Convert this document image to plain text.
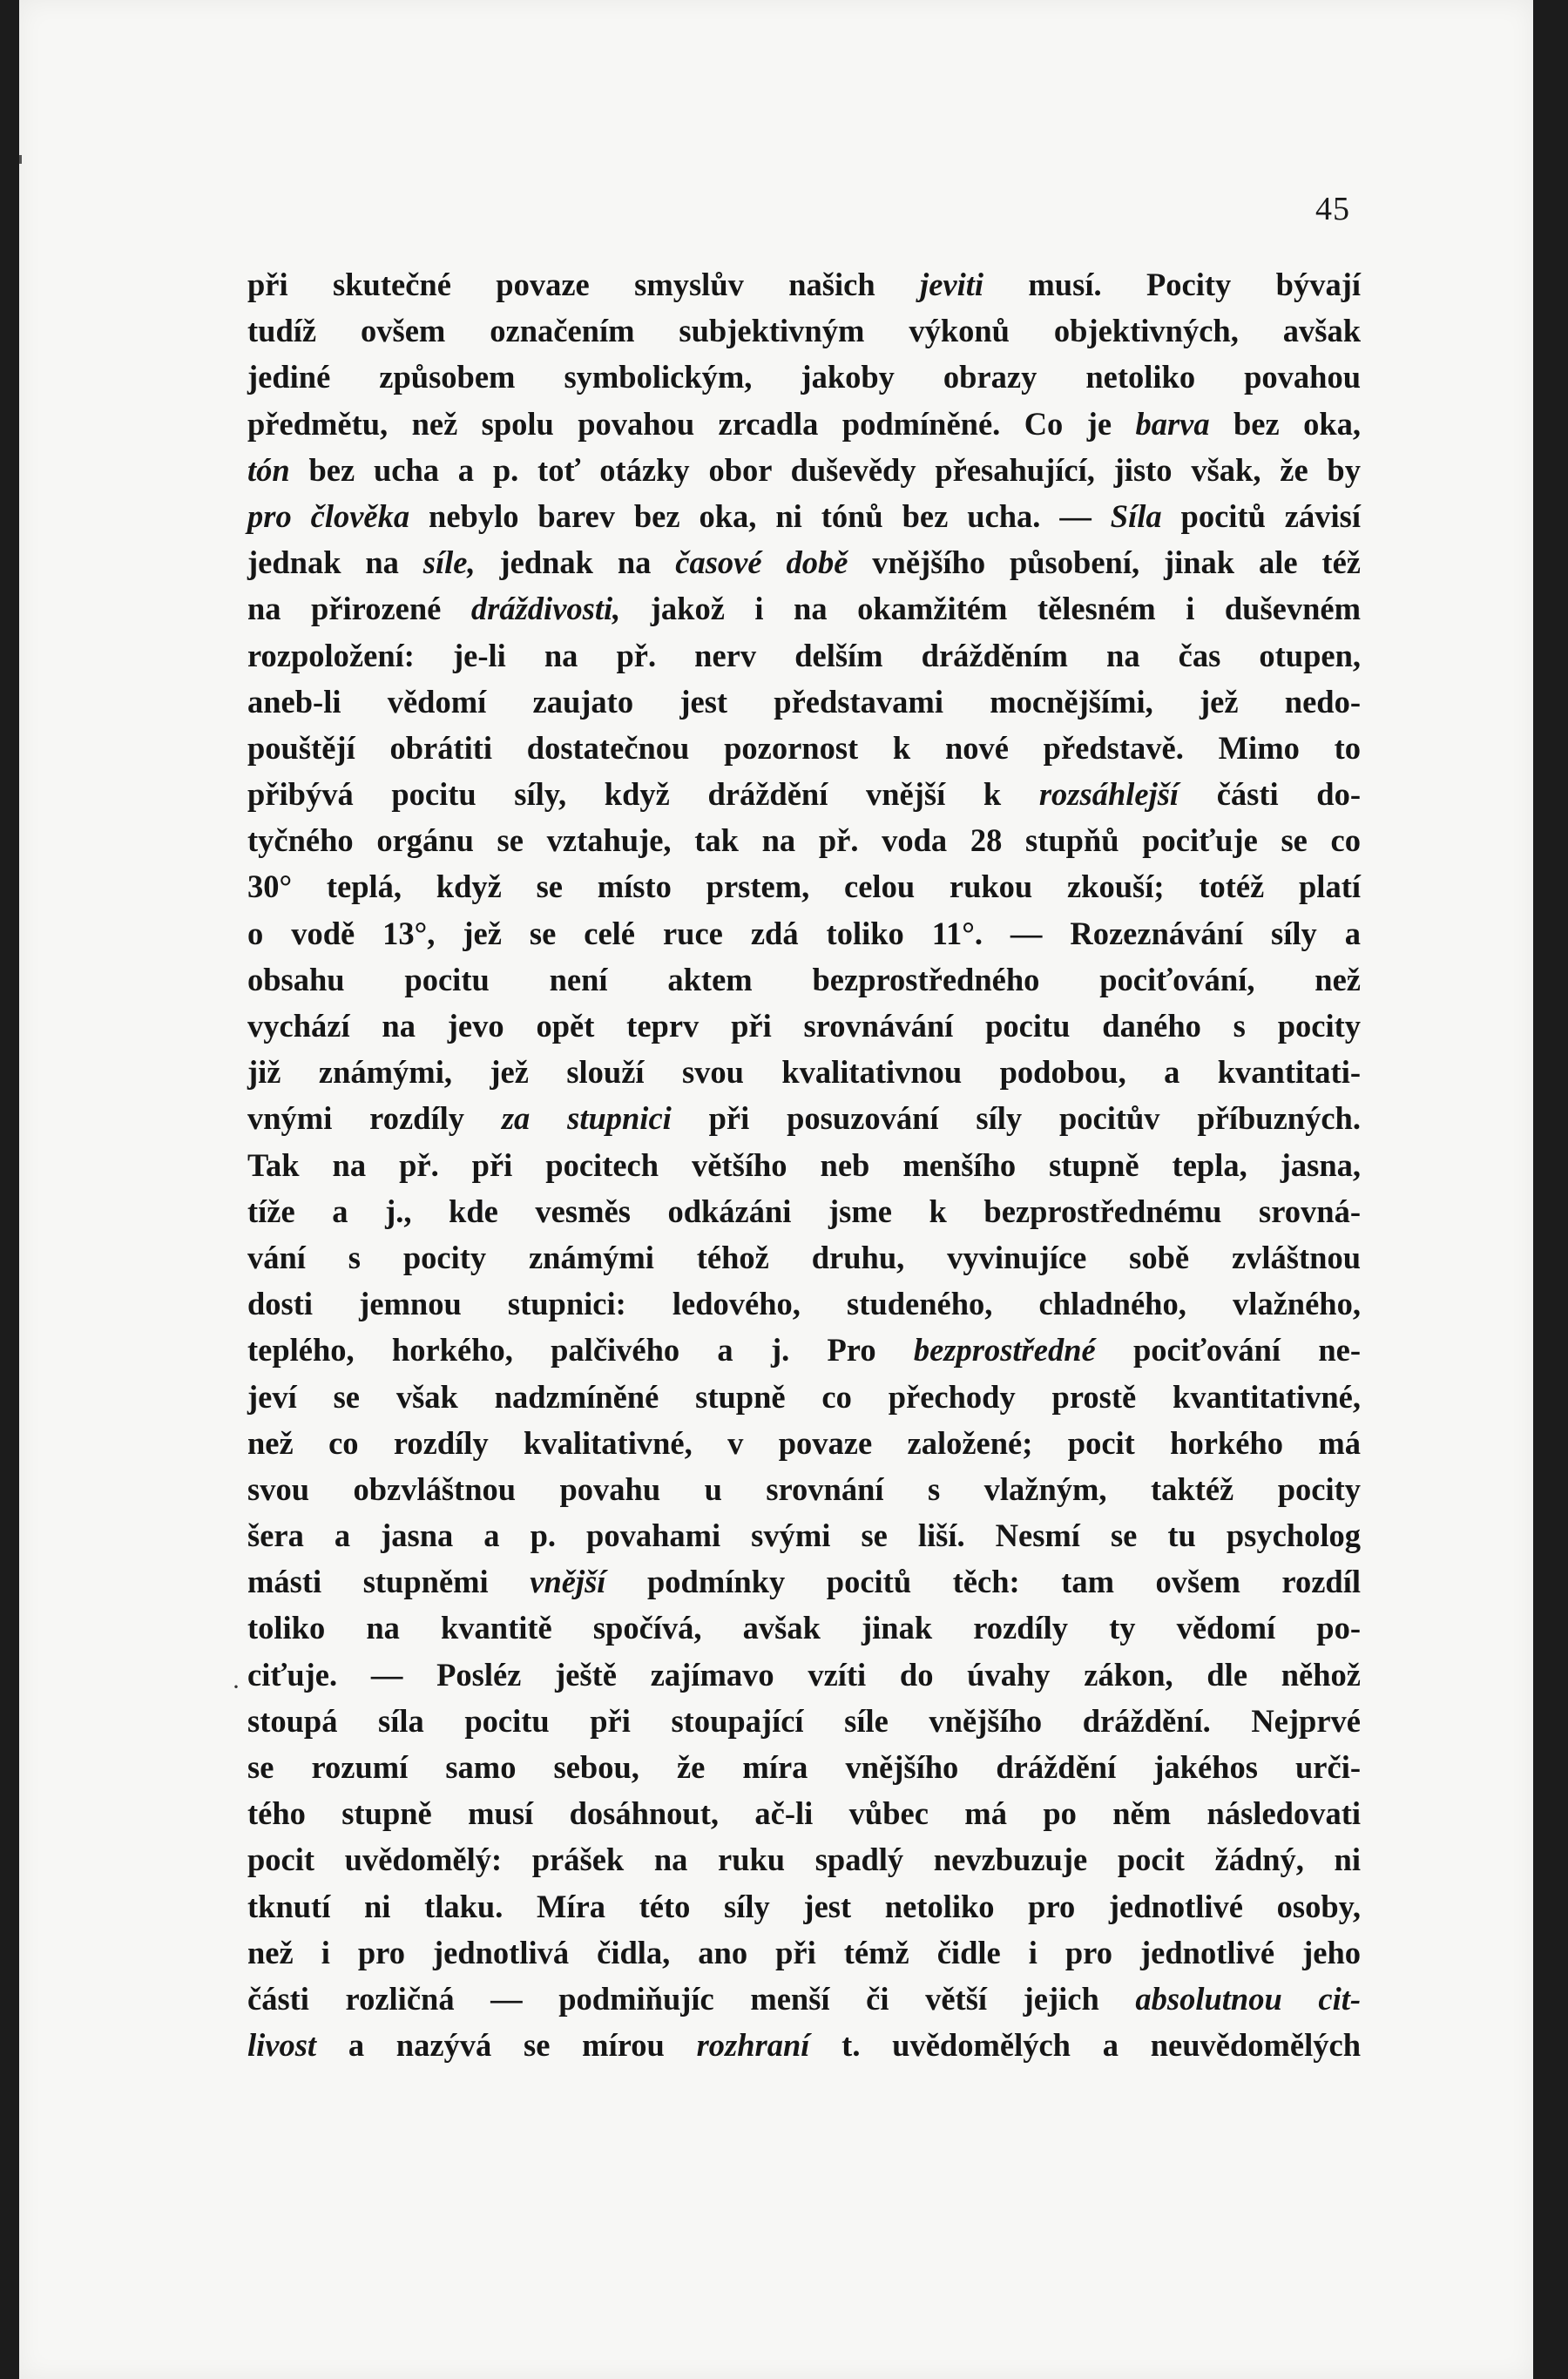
45
·
při skutečné povaze smyslův našich jeviti musí. Pocity bývají
tudíž ovšem označením subjektivným výkonů objektivných, avšak
jediné způsobem symbolickým, jakoby obrazy netoliko povahou
předmětu, než spolu povahou zrcadla podmíněné. Co je barva bez oka,
tón bez ucha a p. toť otázky obor duševědy přesahující, jisto však, že by
pro člověka nebylo barev bez oka, ni tónů bez ucha. — Síla pocitů závisí
jednak na síle, jednak na časové době vnějšího působení, jinak ale též
na přirozené dráždivosti, jakož i na okamžitém tělesném i duševném
rozpoložení: je-li na př. nerv delším drážděním na čas otupen,
aneb-li vědomí zaujato jest představami mocnějšími, jež nedo-
pouštějí obrátiti dostatečnou pozornost k nové představě. Mimo to
přibývá pocitu síly, když dráždění vnější k rozsáhlejší části do-
tyčného orgánu se vztahuje, tak na př. voda 28 stupňů pociťuje se co
30° teplá, když se místo prstem, celou rukou zkouší; totéž platí
o vodě 13°, jež se celé ruce zdá toliko 11°. — Rozeznávání síly a
obsahu pocitu není aktem bezprostředného pociťování, než
vychází na jevo opět teprv při srovnávání pocitu daného s pocity
již známými, jež slouží svou kvalitativnou podobou, a kvantitati-
vnými rozdíly za stupnici při posuzování síly pocitův příbuzných.
Tak na př. při pocitech většího neb menšího stupně tepla, jasna,
tíže a j., kde vesměs odkázáni jsme k bezprostřednému srovná-
vání s pocity známými téhož druhu, vyvinujíce sobě zvláštnou
dosti jemnou stupnici: ledového, studeného, chladného, vlažného,
teplého, horkého, palčivého a j. Pro bezprostředné pociťování ne-
jeví se však nadzmíněné stupně co přechody prostě kvantitativné,
než co rozdíly kvalitativné, v povaze založené; pocit horkého má
svou obzvláštnou povahu u srovnání s vlažným, taktéž pocity
šera a jasna a p. povahami svými se liší. Nesmí se tu psycholog
másti stupněmi vnější podmínky pocitů těch: tam ovšem rozdíl
toliko na kvantitě spočívá, avšak jinak rozdíly ty vědomí po-
ciťuje. — Posléz ještě zajímavo vzíti do úvahy zákon, dle něhož
stoupá síla pocitu při stoupající síle vnějšího dráždění. Nejprvé
se rozumí samo sebou, že míra vnějšího dráždění jakéhos urči-
tého stupně musí dosáhnout, ač-li vůbec má po něm následovati
pocit uvědomělý: prášek na ruku spadlý nevzbuzuje pocit žádný, ni
tknutí ni tlaku. Míra této síly jest netoliko pro jednotlivé osoby,
než i pro jednotlivá čidla, ano při témž čidle i pro jednotlivé jeho
části rozličná — podmiňujíc menší či větší jejich absolutnou cit-
livost a nazývá se mírou rozhraní t. uvědomělých a neuvědomělých
